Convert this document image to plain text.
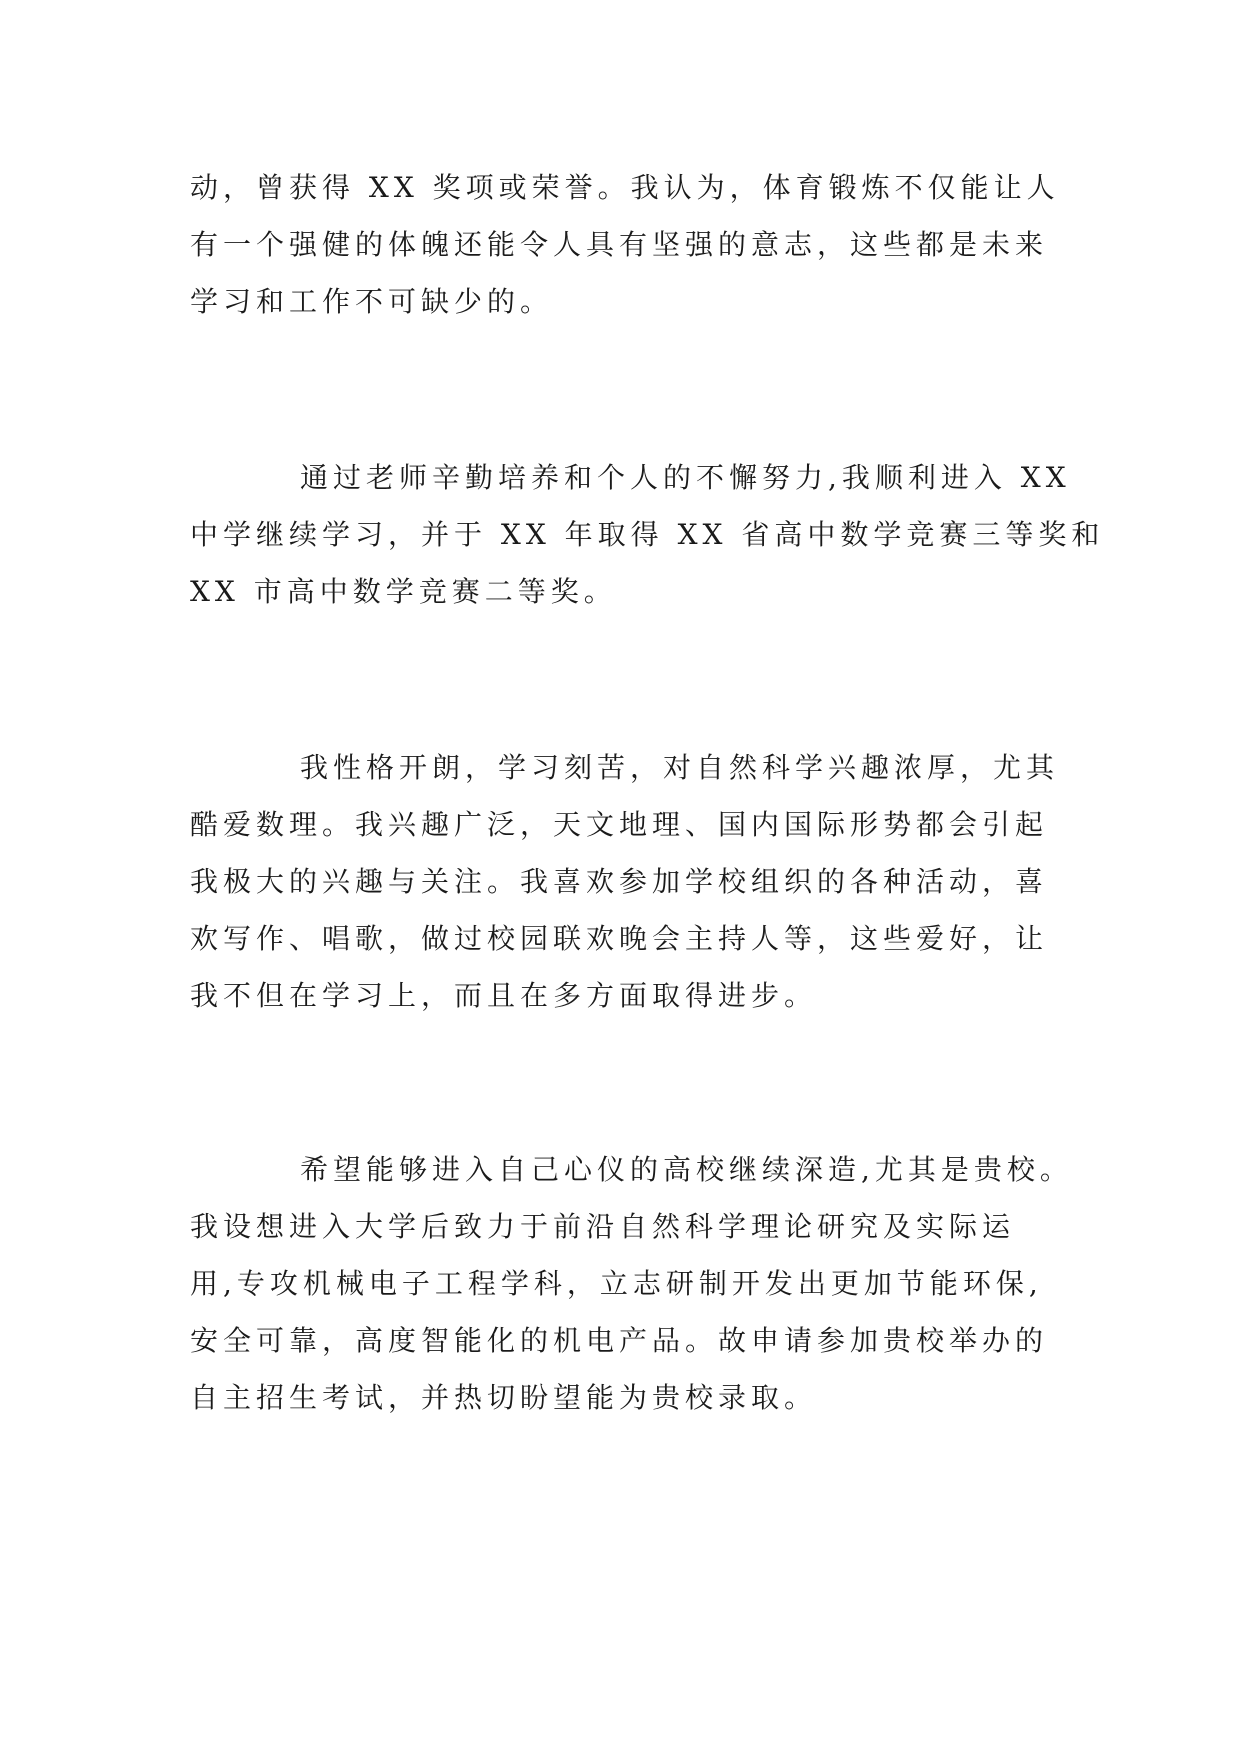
动，曾获得 XX 奖项或荣誉。我认为，体育锻炼不仅能让人
有一个强健的体魄还能令人具有坚强的意志，这些都是未来
学习和工作不可缺少的。

通过老师辛勤培养和个人的不懈努力,我顺利进入 XX
中学继续学习，并于 XX 年取得 XX 省高中数学竞赛三等奖和
XX 市高中数学竞赛二等奖。

我性格开朗，学习刻苦，对自然科学兴趣浓厚，尤其
酷爱数理。我兴趣广泛，天文地理、国内国际形势都会引起
我极大的兴趣与关注。我喜欢参加学校组织的各种活动，喜
欢写作、唱歌，做过校园联欢晚会主持人等，这些爱好，让
我不但在学习上，而且在多方面取得进步。

希望能够进入自己心仪的高校继续深造,尤其是贵校。
我设想进入大学后致力于前沿自然科学理论研究及实际运
用,专攻机械电子工程学科，立志研制开发出更加节能环保,
安全可靠，高度智能化的机电产品。故申请参加贵校举办的
自主招生考试，并热切盼望能为贵校录取。
